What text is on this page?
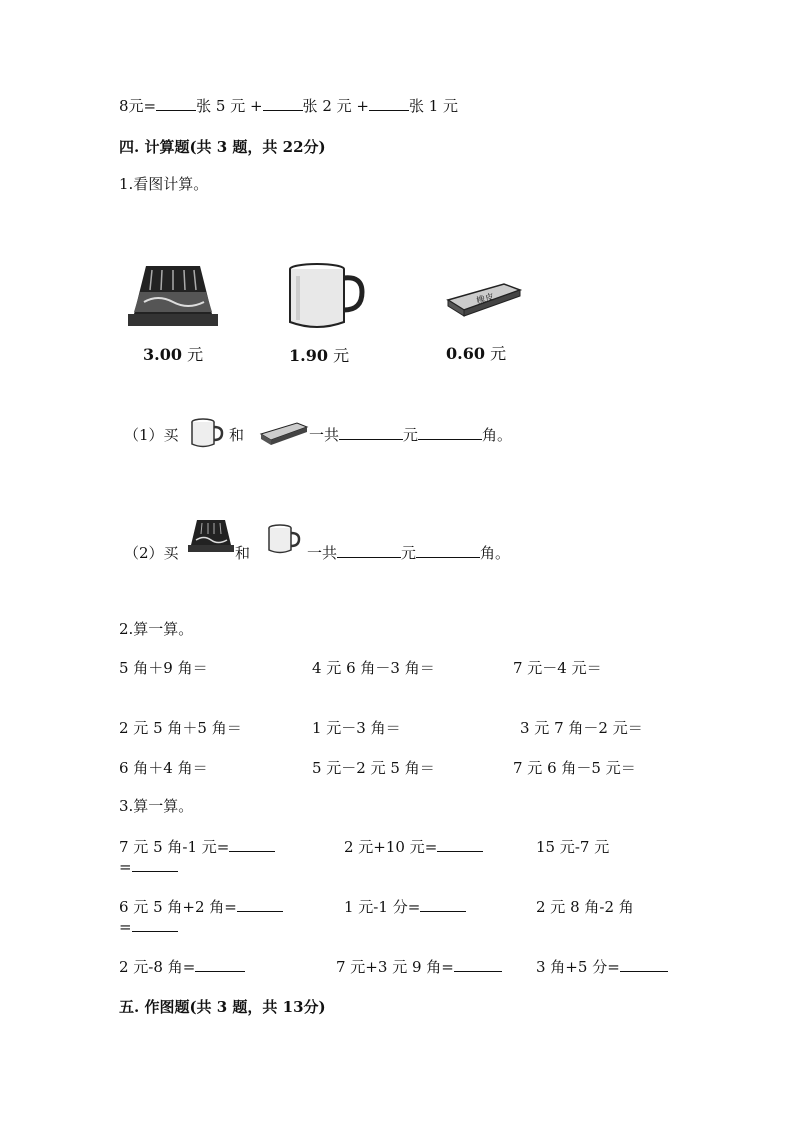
8元=	张 5 元 +	张 2 元 +	张 1 元
四. 计算题(共 3 题，共 22分)
1.看图计算。
橡皮
3.00 元	1.90 元	0.60 元
（1）买	和	一共	元	角。
（2）买	和	一共	元	角。
2.算一算。
5 角＋9 角＝	4 元 6 角－3 角＝	7 元－4 元＝
2 元 5 角＋5 角＝	1 元－3 角＝	3 元 7 角－2 元＝
6 角＋4 角＝	5 元－2 元 5 角＝	7 元 6 角－5 元＝
3.算一算。
7 元 5 角-1 元=	2 元+10 元=	15 元-7 元
=
6 元 5 角+2 角=	1 元-1 分=	2 元 8 角-2 角
=
2 元-8 角=	7 元+3 元 9 角=	3 角+5 分=
五. 作图题(共 3 题，共 13分)
